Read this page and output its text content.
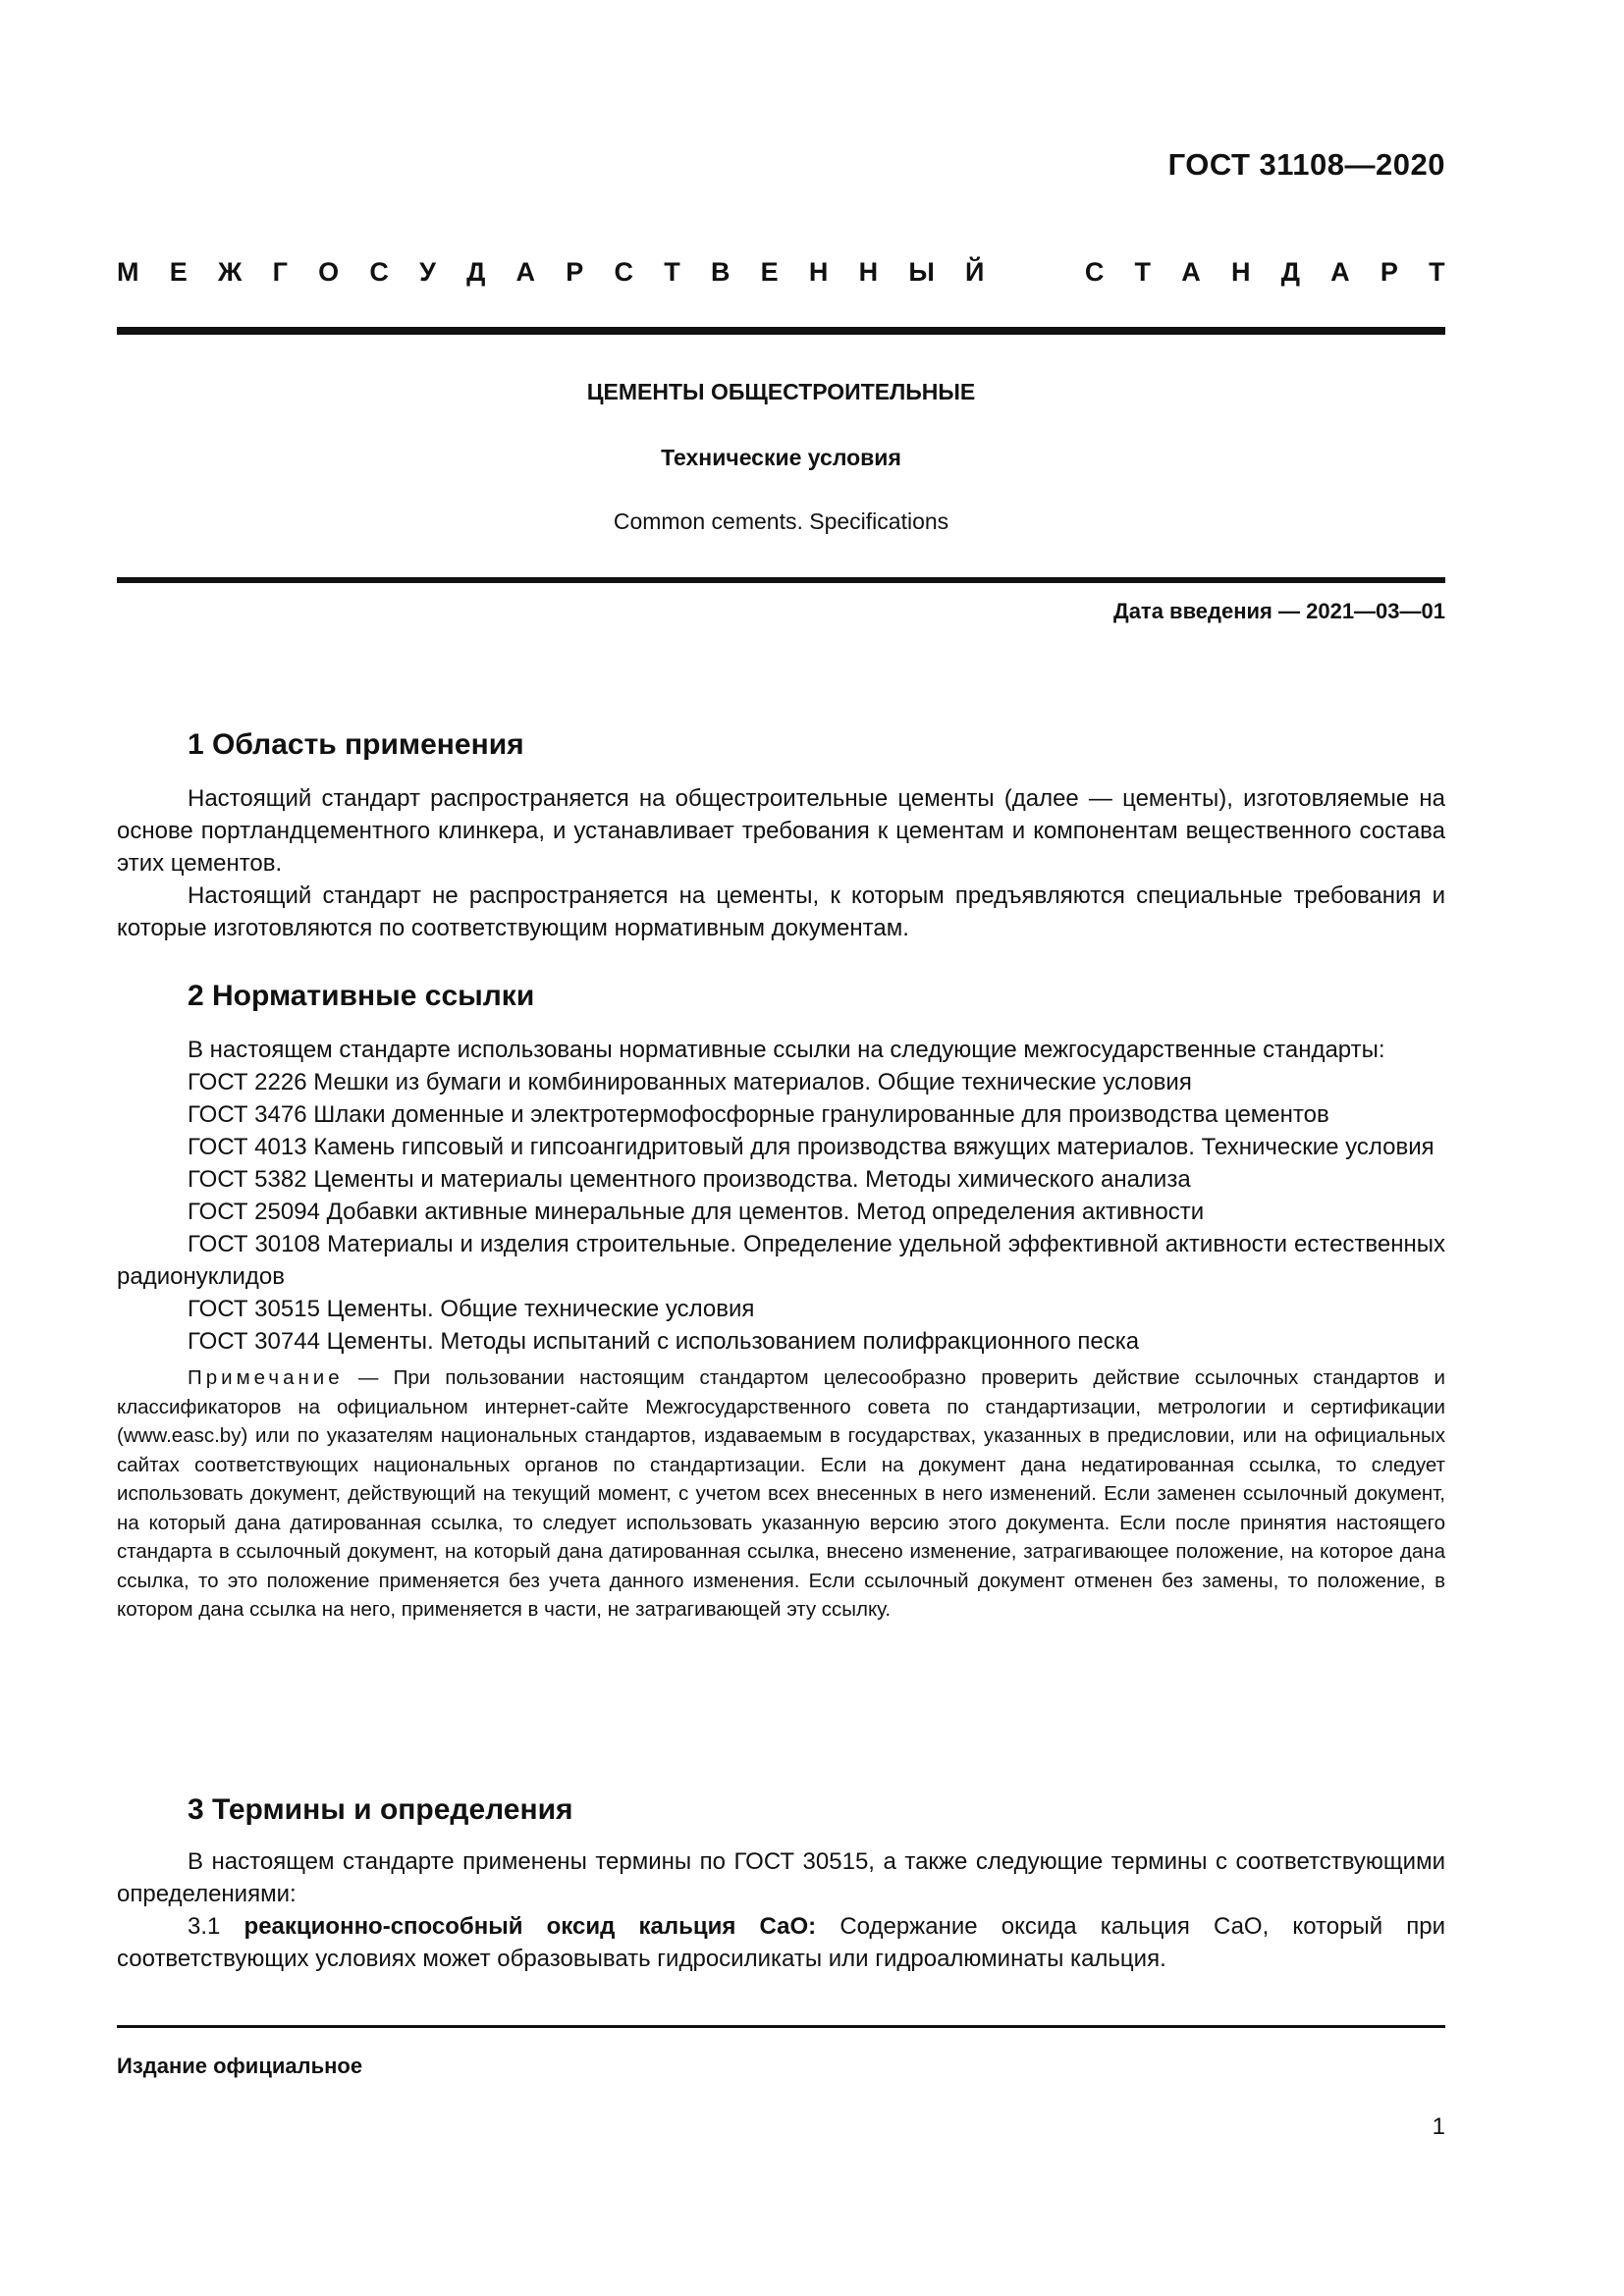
ГОСТ 31108—2020
М Е Ж Г О С У Д А Р С Т В Е Н Н Ы Й	С Т А Н Д А Р Т
ЦЕМЕНТЫ ОБЩЕСТРОИТЕЛЬНЫЕ
Технические условия
Common cements. Specifications
Дата введения — 2021—03—01
1 Область применения

Настоящий стандарт распространяется на общестроительные цементы (далее — цементы), изготовляемые на основе портландцементного клинкера, и устанавливает требования к цементам и компонентам вещественного состава этих цементов.

Настоящий стандарт не распространяется на цементы, к которым предъявляются специальные требования и которые изготовляются по соответствующим нормативным документам.

2 Нормативные ссылки

В настоящем стандарте использованы нормативные ссылки на следующие межгосударственные стандарты:

ГОСТ 2226 Мешки из бумаги и комбинированных материалов. Общие технические условия

ГОСТ 3476 Шлаки доменные и электротермофосфорные гранулированные для производства цементов

ГОСТ 4013 Камень гипсовый и гипсоангидритовый для производства вяжущих материалов. Технические условия

ГОСТ 5382 Цементы и материалы цементного производства. Методы химического анализа

ГОСТ 25094 Добавки активные минеральные для цементов. Метод определения активности

ГОСТ 30108 Материалы и изделия строительные. Определение удельной эффективной активности естественных радионуклидов

ГОСТ 30515 Цементы. Общие технические условия

ГОСТ 30744 Цементы. Методы испытаний с использованием полифракционного песка

Примечание — При пользовании настоящим стандартом целесообразно проверить действие ссылочных стандартов и классификаторов на официальном интернет-сайте Межгосударственного совета по стандартизации, метрологии и сертификации (www.easc.by) или по указателям национальных стандартов, издаваемым в государствах, указанных в предисловии, или на официальных сайтах соответствующих национальных органов по стандартизации. Если на документ дана недатированная ссылка, то следует использовать документ, действующий на текущий момент, с учетом всех внесенных в него изменений. Если заменен ссылочный документ, на который дана датированная ссылка, то следует использовать указанную версию этого документа. Если после принятия настоящего стандарта в ссылочный документ, на который дана датированная ссылка, внесено изменение, затрагивающее положение, на которое дана ссылка, то это положение применяется без учета данного изменения. Если ссылочный документ отменен без замены, то положение, в котором дана ссылка на него, применяется в части, не затрагивающей эту ссылку.

3 Термины и определения

В настоящем стандарте применены термины по ГОСТ 30515, а также следующие термины с соответствующими определениями:

3.1 реакционно-способный оксид кальция СаО: Содержание оксида кальция СаО, который при соответствующих условиях может образовывать гидросиликаты или гидроалюминаты кальция.

Издание официальное
1
